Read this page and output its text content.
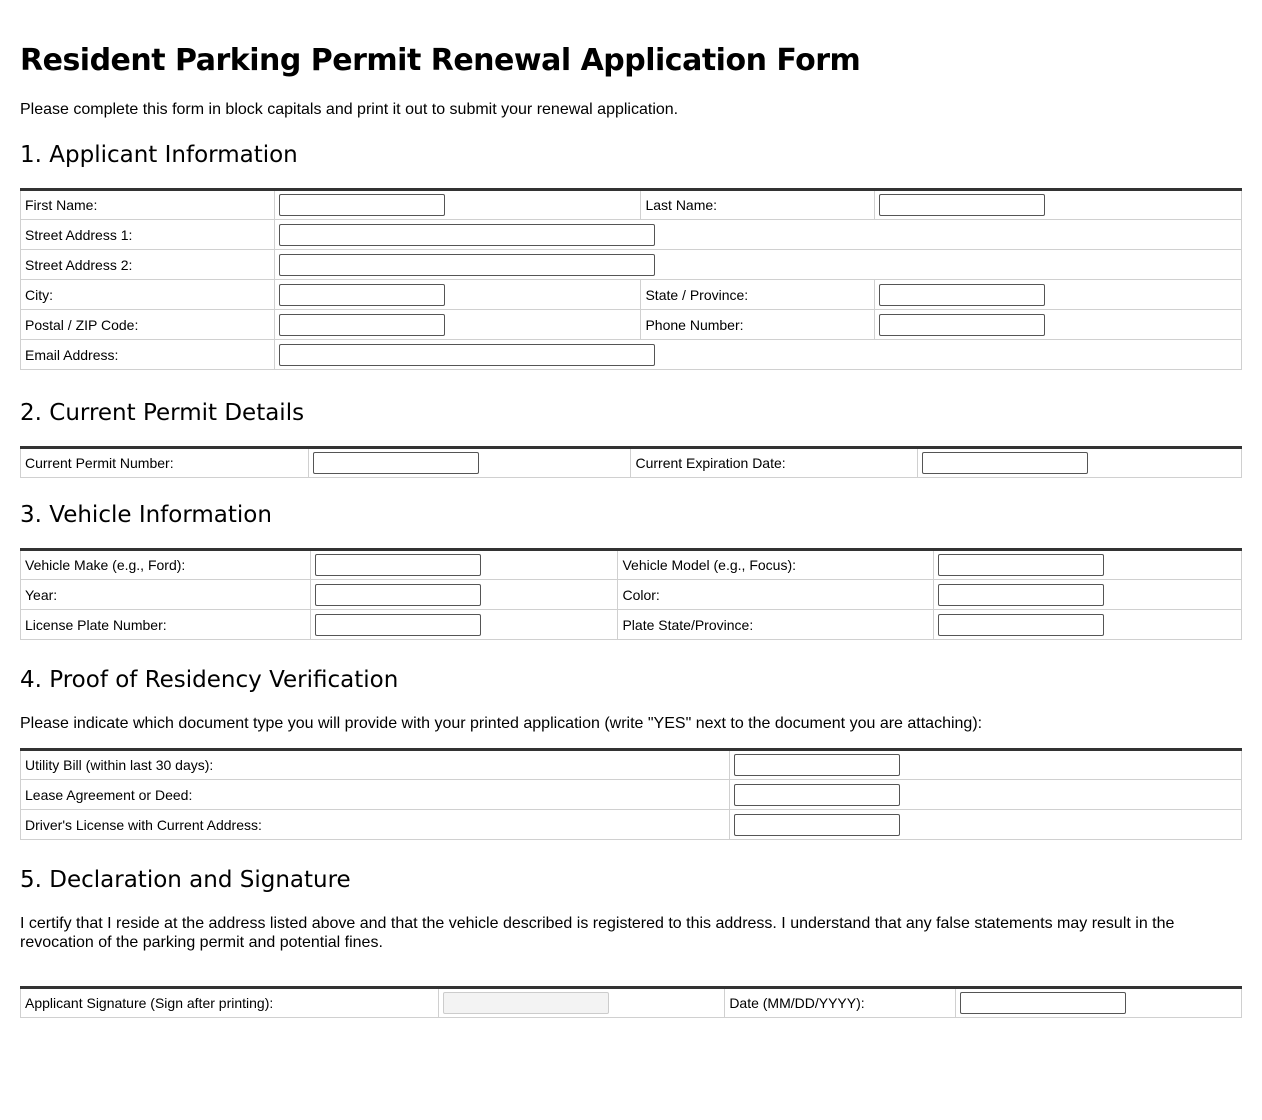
Resident Parking Permit Renewal Application Form

Please complete this form in block capitals and print it out to submit your renewal application.

1. Applicant Information
First Name:		Last Name:	
Street Address 1:			
Street Address 2:			
City:		State / Province:	
Postal / ZIP Code:		Phone Number:	
Email Address:			
2. Current Permit Details
Current Permit Number:		Current Expiration Date:	
3. Vehicle Information
Vehicle Make (e.g., Ford):		Vehicle Model (e.g., Focus):	
Year:		Color:	
License Plate Number:		Plate State/Province:	
4. Proof of Residency Verification

Please indicate which document type you will provide with your printed application (write "YES" next to the document you are attaching):

Utility Bill (within last 30 days):	
Lease Agreement or Deed:	
Driver's License with Current Address:	
5. Declaration and Signature

I certify that I reside at the address listed above and that the vehicle described is registered to this address. I understand that any false statements may result in the revocation of the parking permit and potential fines.

Applicant Signature (Sign after printing):		Date (MM/DD/YYYY):	
